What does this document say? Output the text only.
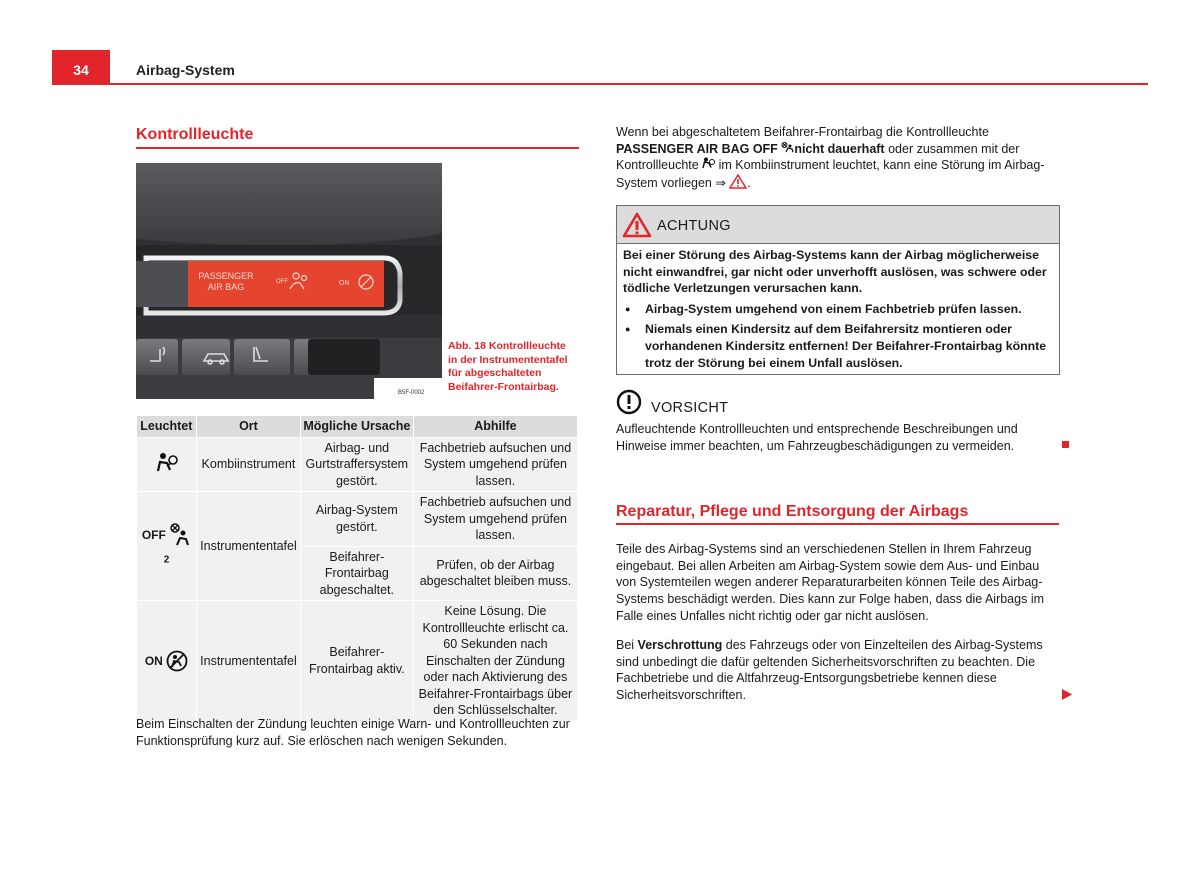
34	Airbag-System
Kontrollleuchte
PASSENGER
AIR BAG	OFF	ON
B5F-0002
Abb. 18 Kontrollleuchte in der Instrumententafel für abgeschalteten Beifahrer-Frontairbag.
Leuchtet	Ort	Mögliche Ursache	Abhilfe
	Kombiinstrument	Airbag- und Gurtstraffersystem gestört.	Fachbetrieb aufsuchen und System umgehend prüfen lassen.
OFF $_2$	Instrumententafel	Airbag-System gestört.	Fachbetrieb aufsuchen und System umgehend prüfen lassen.
		Beifahrer-Frontairbag abgeschaltet.	Prüfen, ob der Airbag abgeschaltet bleiben muss.
ON	Instrumententafel	Beifahrer-Frontairbag aktiv.	Keine Lösung. Die Kontrollleuchte erlischt ca. 60 Sekunden nach Einschalten der Zündung oder nach Aktivierung des Beifahrer-Frontairbags über den Schlüsselschalter.
Beim Einschalten der Zündung leuchten einige Warn- und Kontrollleuchten zur Funktionsprüfung kurz auf. Sie erlöschen nach wenigen Sekunden.
Wenn bei abgeschaltetem Beifahrer-Frontairbag die Kontrollleuchte PASSENGER AIR BAG OFF nicht dauerhaft oder zusammen mit der Kontrollleuchte  im Kombiinstrument leuchtet, kann eine Störung im Airbag-System vorliegen ⇒ .
ACHTUNG

Bei einer Störung des Airbag-Systems kann der Airbag möglicherweise nicht einwandfrei, gar nicht oder unverhofft auslösen, was schwere oder tödliche Verletzungen verursachen kann.

● Airbag-System umgehend von einem Fachbetrieb prüfen lassen.

● Niemals einen Kindersitz auf dem Beifahrersitz montieren oder vorhandenen Kindersitz entfernen! Der Beifahrer-Frontairbag könnte trotz der Störung bei einem Unfall auslösen.

VORSICHT
Aufleuchtende Kontrollleuchten und entsprechende Beschreibungen und Hinweise immer beachten, um Fahrzeugbeschädigungen zu vermeiden.
Reparatur, Pflege und Entsorgung der Airbags
Teile des Airbag-Systems sind an verschiedenen Stellen in Ihrem Fahrzeug eingebaut. Bei allen Arbeiten am Airbag-System sowie dem Aus- und Einbau von Systemteilen wegen anderer Reparaturarbeiten können Teile des Airbag-Systems beschädigt werden. Dies kann zur Folge haben, dass die Airbags im Falle eines Unfalles nicht richtig oder gar nicht auslösen.
Bei Verschrottung des Fahrzeugs oder von Einzelteilen des Airbag-Systems sind unbedingt die dafür geltenden Sicherheitsvorschriften zu beachten. Die Fachbetriebe und die Altfahrzeug-Entsorgungsbetriebe kennen diese Sicherheitsvorschriften.
